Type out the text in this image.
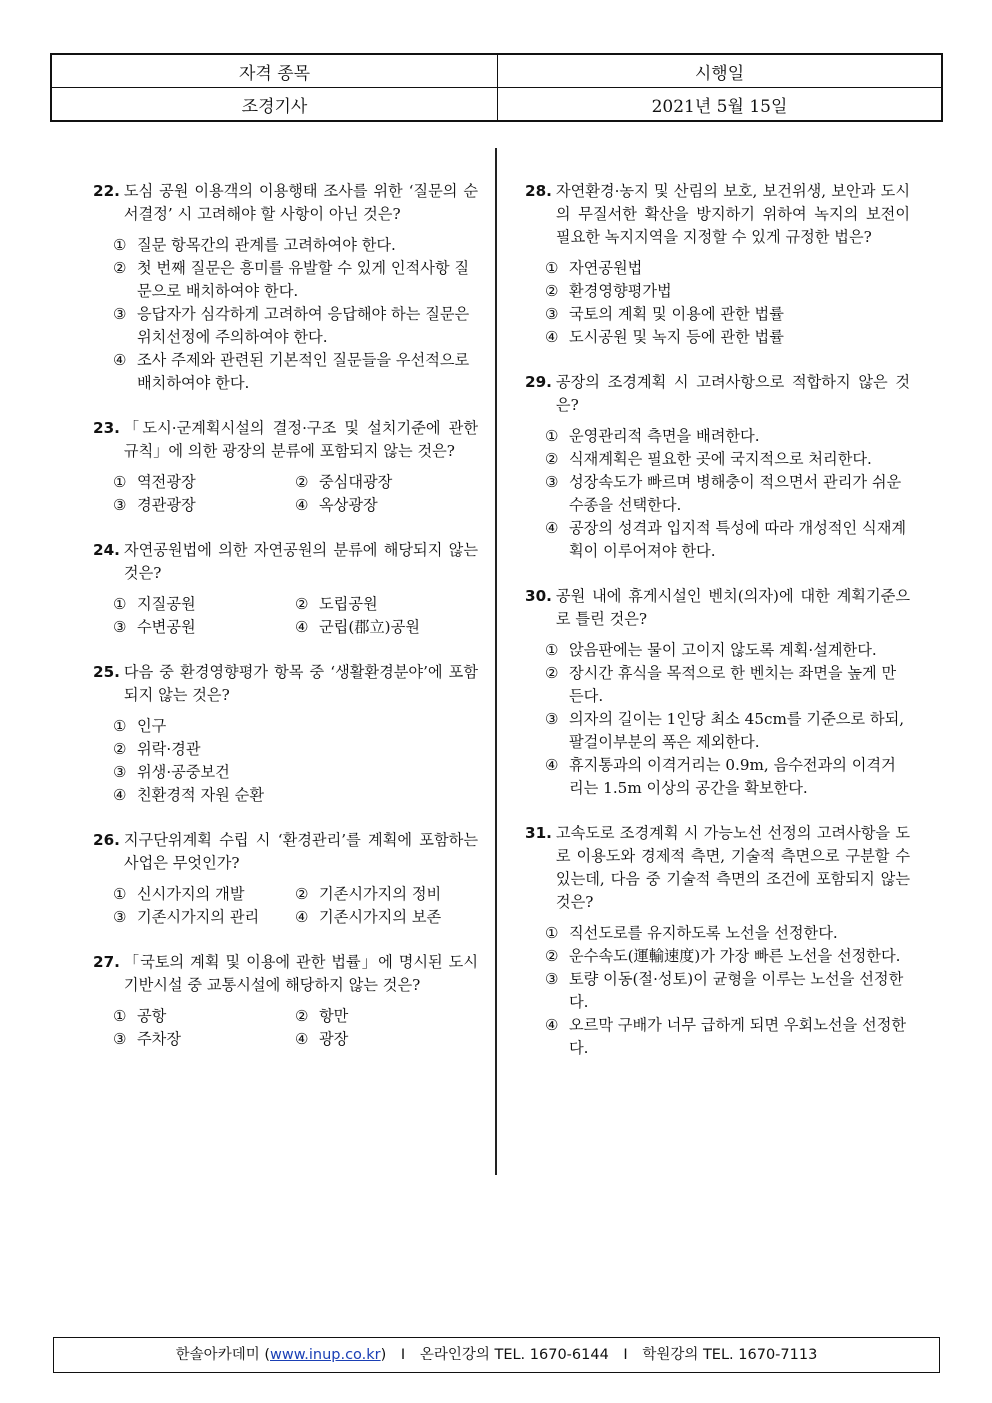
자격 종목	시행일
조경기사	2021년 5월 15일
22. 도심 공원 이용객의 이용행태 조사를 위한 ‘질문의 순서결정’ 시 고려해야 할 사항이 아닌 것은?
① 질문 항목간의 관계를 고려하여야 한다.
② 첫 번째 질문은 흥미를 유발할 수 있게 인적사항 질문으로 배치하여야 한다.
③ 응답자가 심각하게 고려하여 응답해야 하는 질문은 위치선정에 주의하여야 한다.
④ 조사 주제와 관련된 기본적인 질문들을 우선적으로 배치하여야 한다.
23. 「도시·군계획시설의 결정·구조 및 설치기준에 관한 규칙」에 의한 광장의 분류에 포함되지 않는 것은?
① 역전광장	② 중심대광장
③ 경관광장	④ 옥상광장
24. 자연공원법에 의한 자연공원의 분류에 해당되지 않는 것은?
① 지질공원	② 도립공원
③ 수변공원	④ 군립(郡立)공원
25. 다음 중 환경영향평가 항목 중 ‘생활환경분야’에 포함되지 않는 것은?
① 인구
② 위락·경관
③ 위생·공중보건
④ 친환경적 자원 순환
26. 지구단위계획 수립 시 ‘환경관리’를 계획에 포함하는 사업은 무엇인가?
① 신시가지의 개발	② 기존시가지의 정비
③ 기존시가지의 관리	④ 기존시가지의 보존
27. 「국토의 계획 및 이용에 관한 법률」에 명시된 도시기반시설 중 교통시설에 해당하지 않는 것은?
① 공항	② 항만
③ 주차장	④ 광장
28. 자연환경·농지 및 산림의 보호, 보건위생, 보안과 도시의 무질서한 확산을 방지하기 위하여 녹지의 보전이 필요한 녹지지역을 지정할 수 있게 규정한 법은?
① 자연공원법
② 환경영향평가법
③ 국토의 계획 및 이용에 관한 법률
④ 도시공원 및 녹지 등에 관한 법률
29. 공장의 조경계획 시 고려사항으로 적합하지 않은 것은?
① 운영관리적 측면을 배려한다.
② 식재계획은 필요한 곳에 국지적으로 처리한다.
③ 성장속도가 빠르며 병해충이 적으면서 관리가 쉬운 수종을 선택한다.
④ 공장의 성격과 입지적 특성에 따라 개성적인 식재계획이 이루어져야 한다.
30. 공원 내에 휴게시설인 벤치(의자)에 대한 계획기준으로 틀린 것은?
① 앉음판에는 물이 고이지 않도록 계획·설계한다.
② 장시간 휴식을 목적으로 한 벤치는 좌면을 높게 만든다.
③ 의자의 길이는 1인당 최소 45cm를 기준으로 하되, 팔걸이부분의 폭은 제외한다.
④ 휴지통과의 이격거리는 0.9m, 음수전과의 이격거리는 1.5m 이상의 공간을 확보한다.
31. 고속도로 조경계획 시 가능노선 선정의 고려사항을 도로 이용도와 경제적 측면, 기술적 측면으로 구분할 수 있는데, 다음 중 기술적 측면의 조건에 포함되지 않는 것은?
① 직선도로를 유지하도록 노선을 선정한다.
② 운수속도(運輸速度)가 가장 빠른 노선을 선정한다.
③ 토량 이동(절·성토)이 균형을 이루는 노선을 선정한다.
④ 오르막 구배가 너무 급하게 되면 우회노선을 선정한다.
한솔아카데미 (www.inup.co.kr) I 온라인강의 TEL. 1670-6144 I 학원강의 TEL. 1670-7113
